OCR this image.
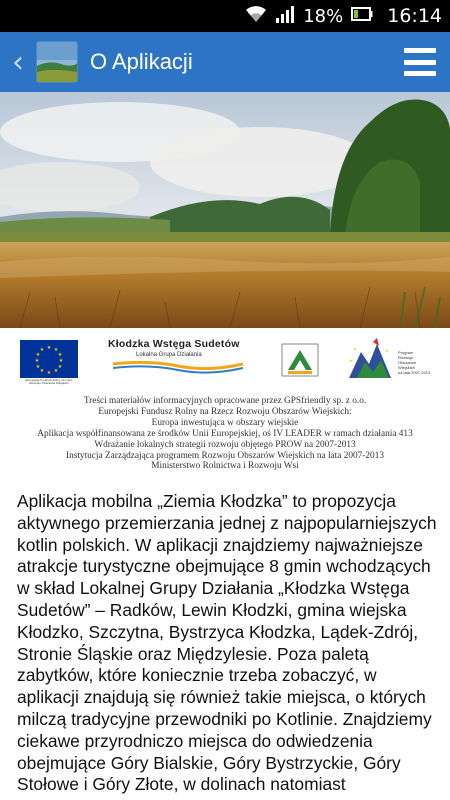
18% 16:14
‹	O Aplikacji
★ ★
★
★
★
★
★
★
★
★
★
★
Europejski Fundusz Rolny na rzecz Rozwoju Obszarów Wiejskich
Kłodzka Wstęga Sudetów
Lokalna Grupa Działania
★	★
★
Program
Rozwoju
Obszarów
Wiejskich
na lata 2007-2013
Treści materiałów informacyjnych opracowane przez GPSfriendly sp. z o.o.
Europejski Fundusz Rolny na Rzecz Rozwoju Obszarów Wiejskich:
Europa inwestująca w obszary wiejskie
Aplikacja współfinansowana ze środków Unii Europejskiej, oś IV LEADER w ramach działania 413
Wdrażanie lokalnych strategii rozwoju objętego PROW na 2007-2013
Instytucja Zarządzająca programem Rozwoju Obszarów Wiejskich na lata 2007-2013
Ministerstwo Rolnictwa i Rozwoju Wsi

Aplikacja mobilna „Ziemia Kłodzka” to propozycja aktywnego przemierzania jednej z najpopularniejszych kotlin polskich. W aplikacji znajdziemy najważniejsze atrakcje turystyczne obejmujące 8 gmin wchodzących w skład Lokalnej Grupy Działania „Kłodzka Wstęga Sudetów” – Radków, Lewin Kłodzki, gmina wiejska Kłodzko, Szczytna, Bystrzyca Kłodzka, Lądek-Zdrój, Stronie Śląskie oraz Międzylesie. Poza paletą zabytków, które koniecznie trzeba zobaczyć, w aplikacji znajdują się również takie miejsca, o których milczą tradycyjne przewodniki po Kotlinie. Znajdziemy ciekawe przyrodniczo miejsca do odwiedzenia obejmujące Góry Bialskie, Góry Bystrzyckie, Góry Stołowe i Góry Złote, w dolinach natomiast
